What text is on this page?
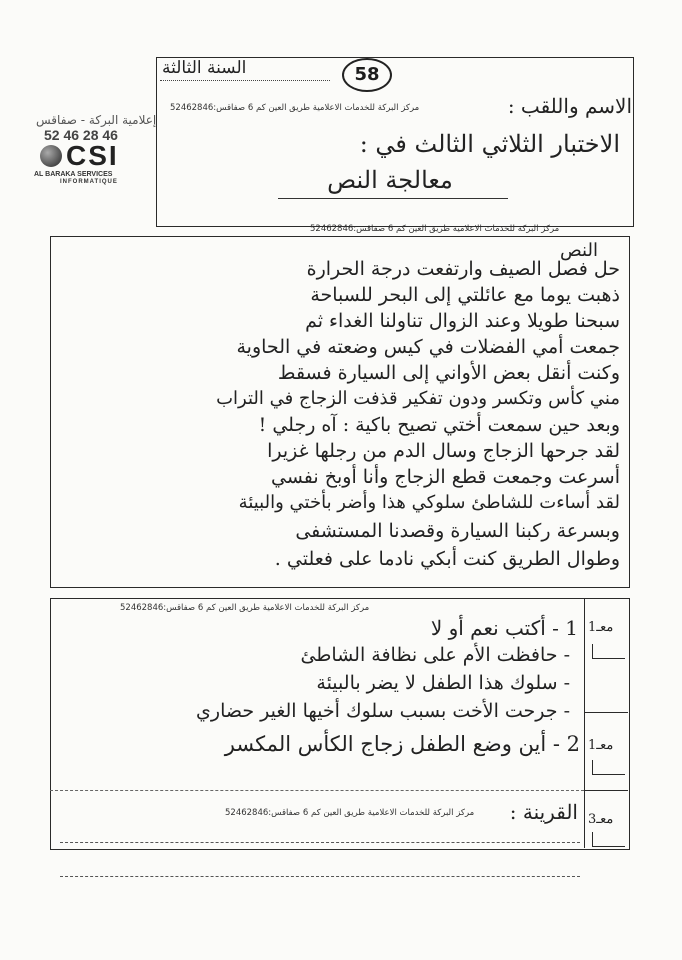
السنة الثالثة	58
الاسم واللقب :
مركز البركة للخدمات الاعلامية طريق العين كم 6 صفاقس:52462846
الاختبار الثلاثي الثالث في :
معالجة النص
إعلامية البركة - صفاقس
52 46 28 46
CSI
AL BARAKA SERVICES
INFORMATIQUE
مركز البركة للخدمات الاعلامية طريق العين كم 6 صفاقس:52462846
النص
حل فصل الصيف وارتفعت درجة الحرارة
ذهبت يوما مع عائلتي إلى البحر للسباحة
سبحنا طويلا وعند الزوال تناولنا الغداء ثم
جمعت أمي الفضلات في كيس وضعته في الحاوية
وكنت أنقل بعض الأواني إلى السيارة فسقط
مني كأس وتكسر ودون تفكير قذفت الزجاج في التراب
وبعد حين سمعت أختي تصيح باكية : آه رجلي !
لقد جرحها الزجاج وسال الدم من رجلها غزيرا
أسرعت وجمعت قطع الزجاج وأنا أوبخ نفسي
لقد أساءت للشاطئ سلوكي هذا وأضر بأختي والبيئة
وبسرعة ركبنا السيارة وقصدنا المستشفى
وطوال الطريق كنت أبكي نادما على فعلتي .
مركز البركة للخدمات الاعلامية طريق العين كم 6 صفاقس:52462846
معـ1
معـ1
معـ3
1 - أكتب نعم أو لا
- حافظت الأم على نظافة الشاطئ
- سلوك هذا الطفل لا يضر بالبيئة
- جرحت الأخت بسبب سلوك أخيها الغير حضاري
2 - أين وضع الطفل زجاج الكأس المكسر
مركز البركة للخدمات الاعلامية طريق العين كم 6 صفاقس:52462846	القرينة :
